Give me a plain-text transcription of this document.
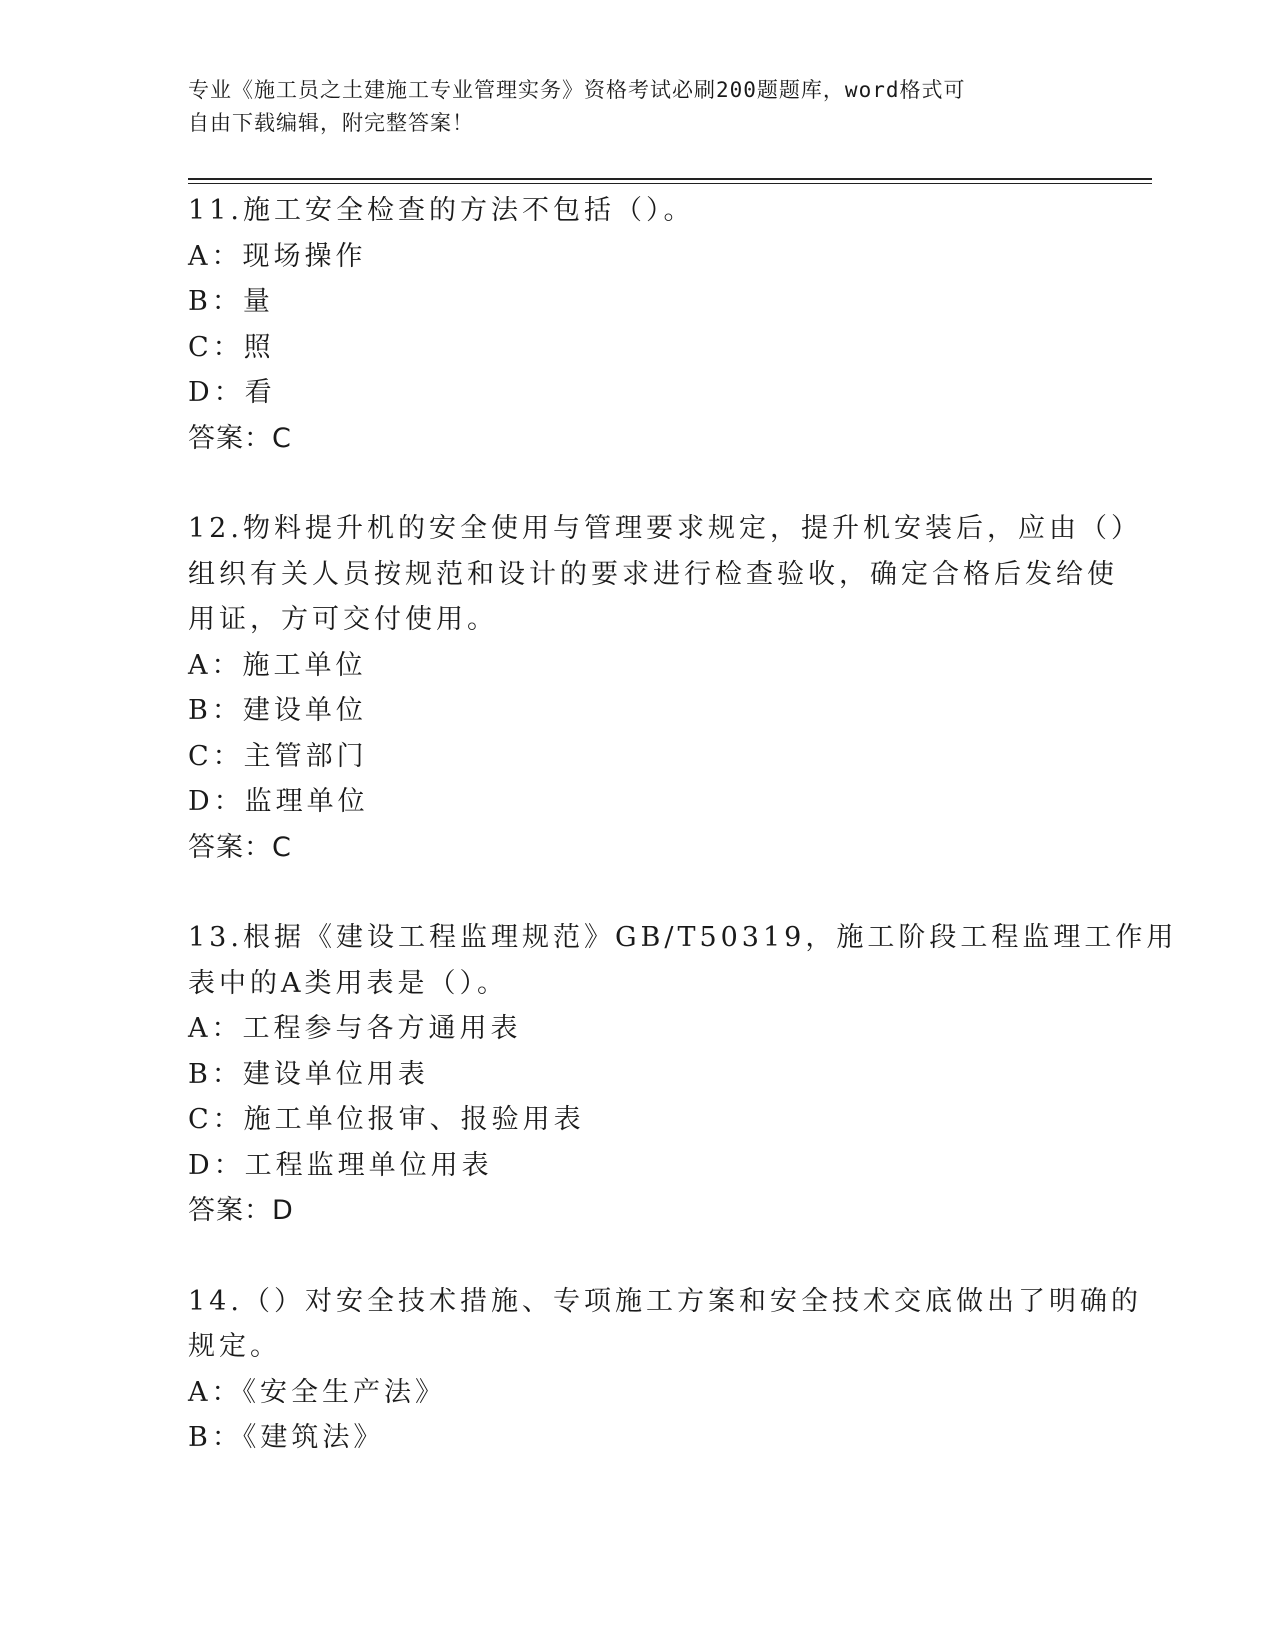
专业《施工员之土建施工专业管理实务》资格考试必刷200题题库，word格式可
自由下载编辑，附完整答案！
11.施工安全检查的方法不包括（）。
A：现场操作
B：量
C：照
D：看
答案：C
12.物料提升机的安全使用与管理要求规定，提升机安装后，应由（）
组织有关人员按规范和设计的要求进行检查验收，确定合格后发给使
用证，方可交付使用。
A：施工单位
B：建设单位
C：主管部门
D：监理单位
答案：C
13.根据《建设工程监理规范》GB/T50319，施工阶段工程监理工作用
表中的A类用表是（）。
A：工程参与各方通用表
B：建设单位用表
C：施工单位报审、报验用表
D：工程监理单位用表
答案：D
14.（）对安全技术措施、专项施工方案和安全技术交底做出了明确的
规定。
A：《安全生产法》
B：《建筑法》
